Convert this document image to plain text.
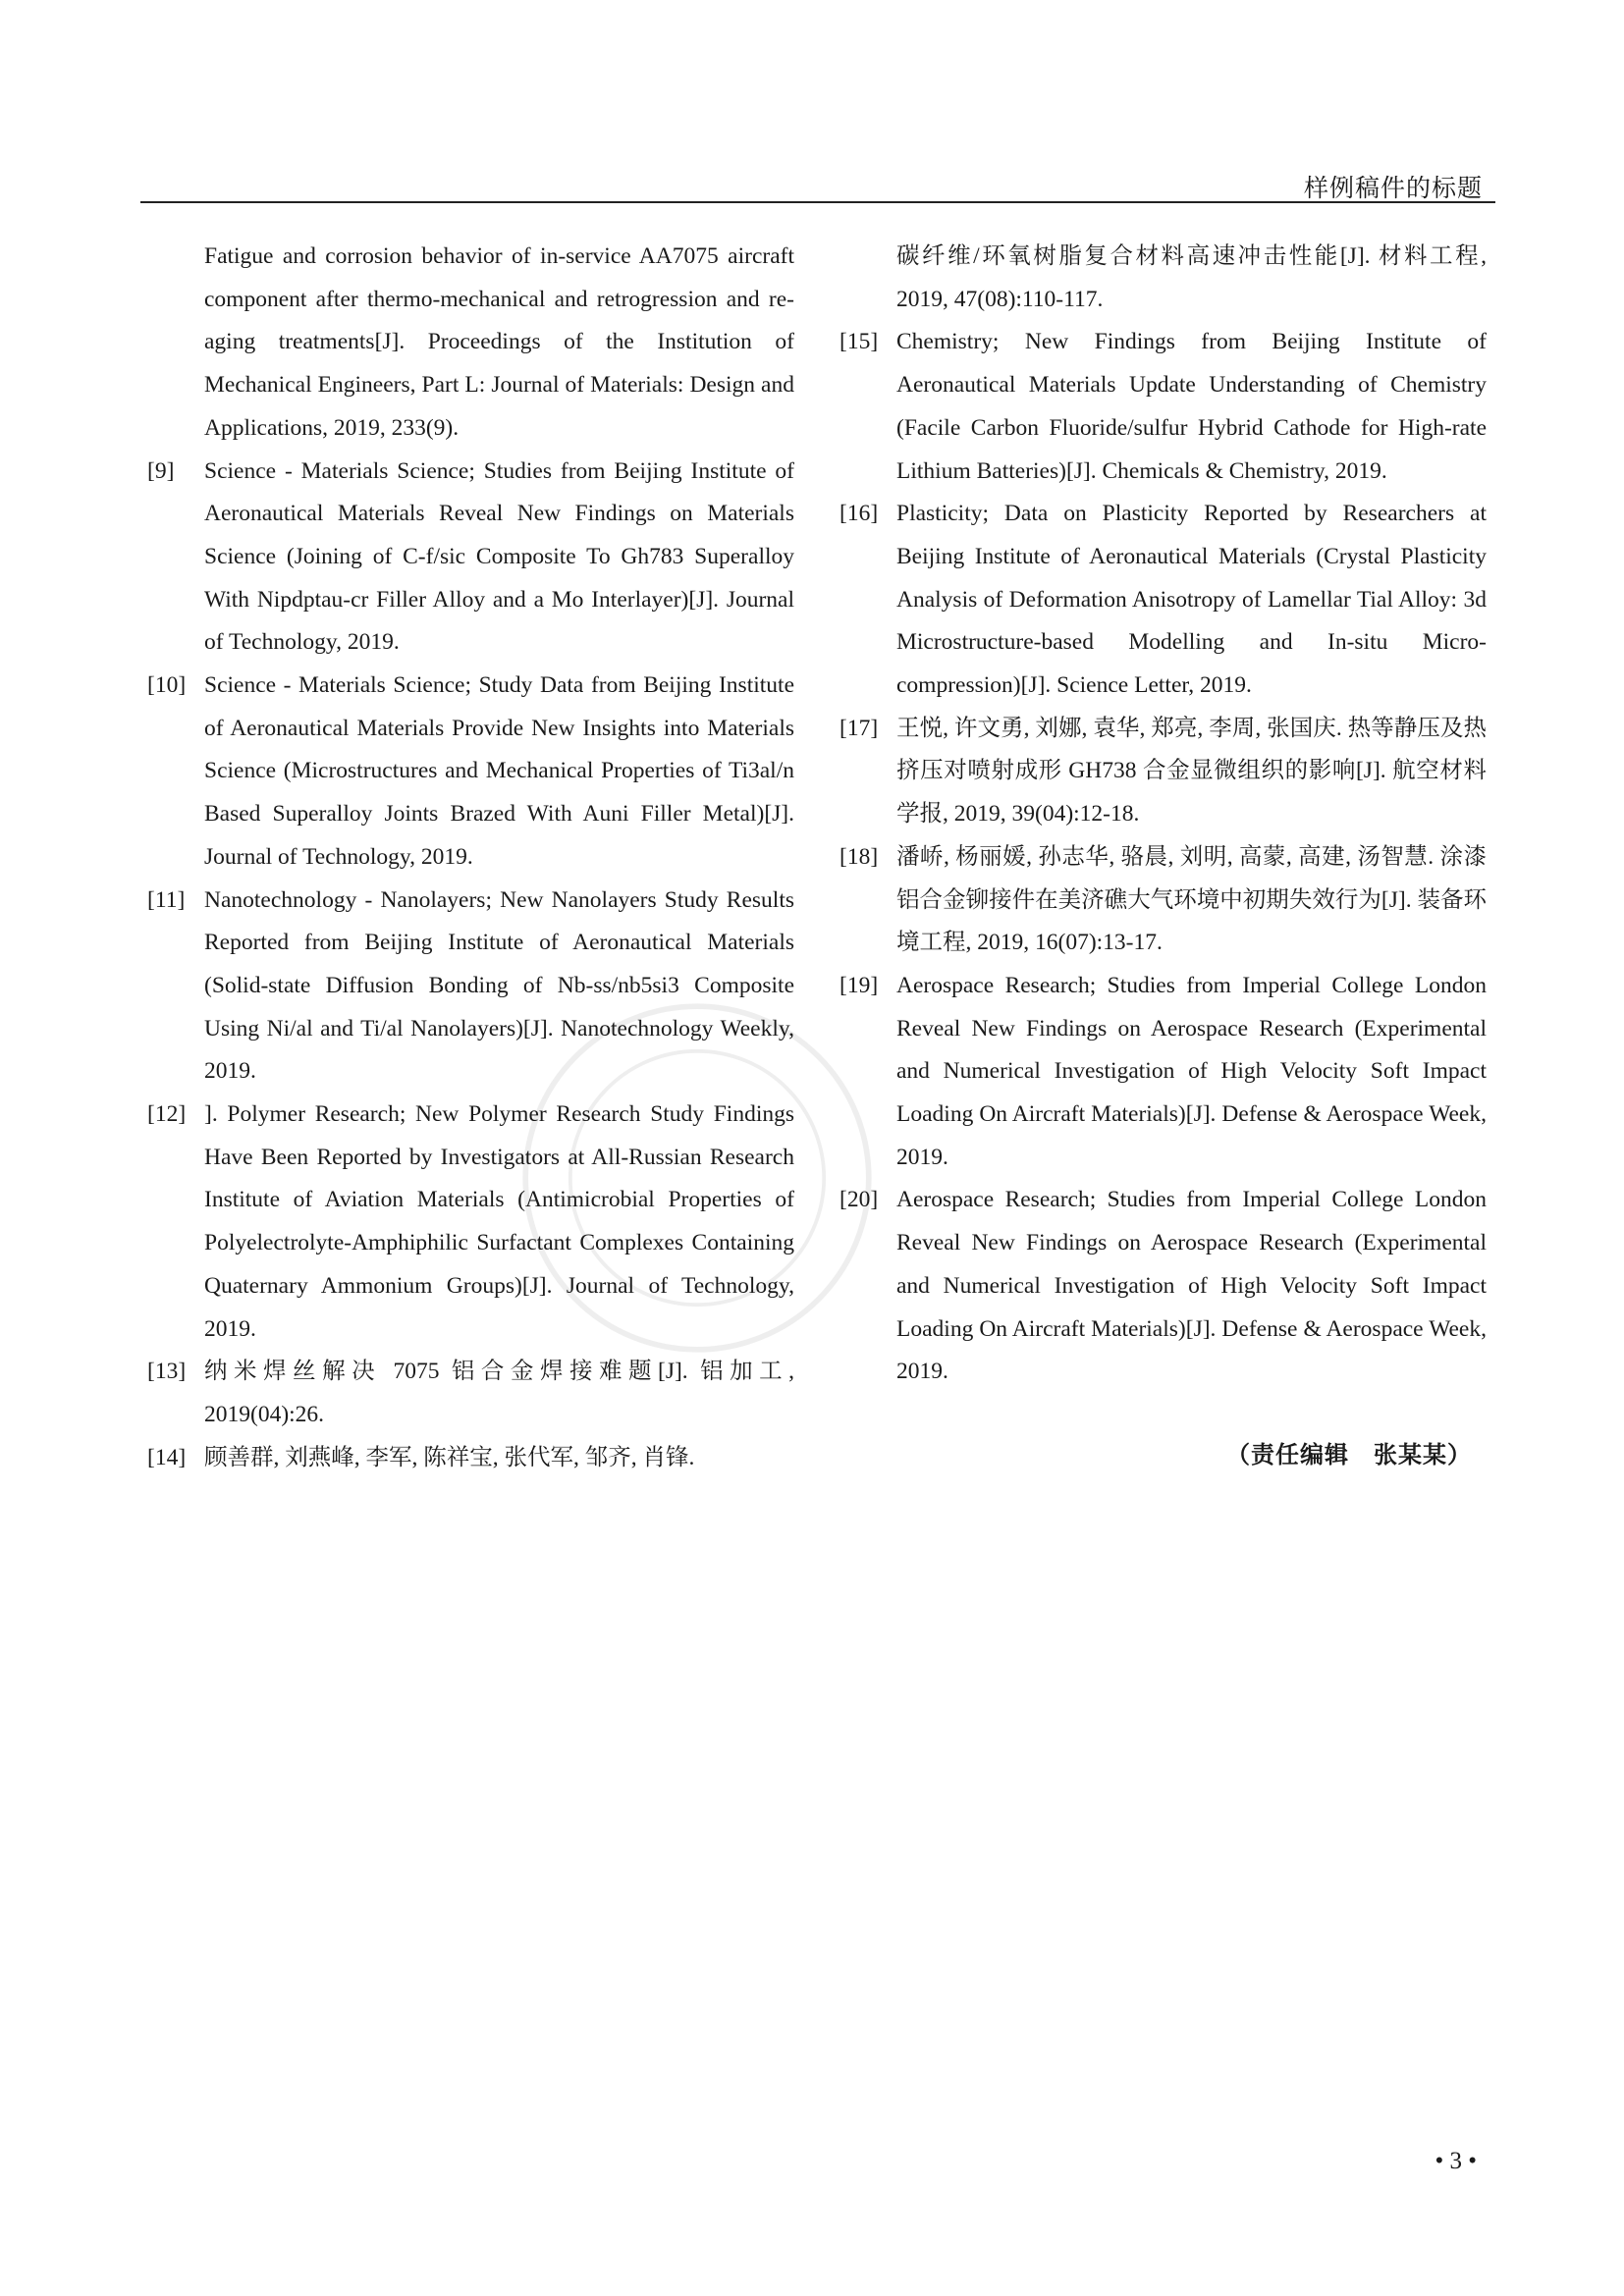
样例稿件的标题
Fatigue and corrosion behavior of in-service AA7075 aircraft component after thermo-mechanical and retrogression and re-aging treatments[J]. Proceedings of the Institution of Mechanical Engineers, Part L: Journal of Materials: Design and Applications, 2019, 233(9).
[9]	Science - Materials Science; Studies from Beijing Institute of Aeronautical Materials Reveal New Findings on Materials Science (Joining of C-f/sic Composite To Gh783 Superalloy With Nipdptau-cr Filler Alloy and a Mo Interlayer)[J]. Journal of Technology, 2019.
[10] Science - Materials Science; Study Data from Beijing Institute of Aeronautical Materials Provide New Insights into Materials Science (Microstructures and Mechanical Properties of Ti3al/n Based Superalloy Joints Brazed With Auni Filler Metal)[J]. Journal of Technology, 2019.
[11] Nanotechnology - Nanolayers; New Nanolayers Study Results Reported from Beijing Institute of Aeronautical Materials (Solid-state Diffusion Bonding of Nb-ss/nb5si3 Composite Using Ni/al and Ti/al Nanolayers)[J]. Nanotechnology Weekly, 2019.
[12] ]. Polymer Research; New Polymer Research Study Findings Have Been Reported by Investigators at All-Russian Research Institute of Aviation Materials (Antimicrobial Properties of Polyelectrolyte-Amphiphilic Surfactant Complexes Containing Quaternary Ammonium Groups)[J]. Journal of Technology, 2019.
[13] 纳米焊丝解决 7075 铝合金焊接难题[J]. 铝加工, 2019(04):26.
[14] 顾善群, 刘燕峰, 李军, 陈祥宝, 张代军, 邹齐, 肖锋.
碳纤维/环氧树脂复合材料高速冲击性能[J]. 材料工程, 2019, 47(08):110-117.
[15] Chemistry; New Findings from Beijing Institute of Aeronautical Materials Update Understanding of Chemistry (Facile Carbon Fluoride/sulfur Hybrid Cathode for High-rate Lithium Batteries)[J]. Chemicals & Chemistry, 2019.
[16] Plasticity; Data on Plasticity Reported by Researchers at Beijing Institute of Aeronautical Materials (Crystal Plasticity Analysis of Deformation Anisotropy of Lamellar Tial Alloy: 3d Microstructure-based Modelling and In-situ Micro-compression)[J]. Science Letter, 2019.
[17] 王悦, 许文勇, 刘娜, 袁华, 郑亮, 李周, 张国庆. 热等静压及热挤压对喷射成形 GH738 合金显微组织的影响[J]. 航空材料学报, 2019, 39(04):12-18.
[18] 潘峤, 杨丽媛, 孙志华, 骆晨, 刘明, 高蒙, 高建, 汤智慧. 涂漆铝合金铆接件在美济礁大气环境中初期失效行为[J]. 装备环境工程, 2019, 16(07):13-17.
[19] Aerospace Research; Studies from Imperial College London Reveal New Findings on Aerospace Research (Experimental and Numerical Investigation of High Velocity Soft Impact Loading On Aircraft Materials)[J]. Defense & Aerospace Week, 2019.
[20] Aerospace Research; Studies from Imperial College London Reveal New Findings on Aerospace Research (Experimental and Numerical Investigation of High Velocity Soft Impact Loading On Aircraft Materials)[J]. Defense & Aerospace Week, 2019.
（责任编辑　张某某）
• 3 •
